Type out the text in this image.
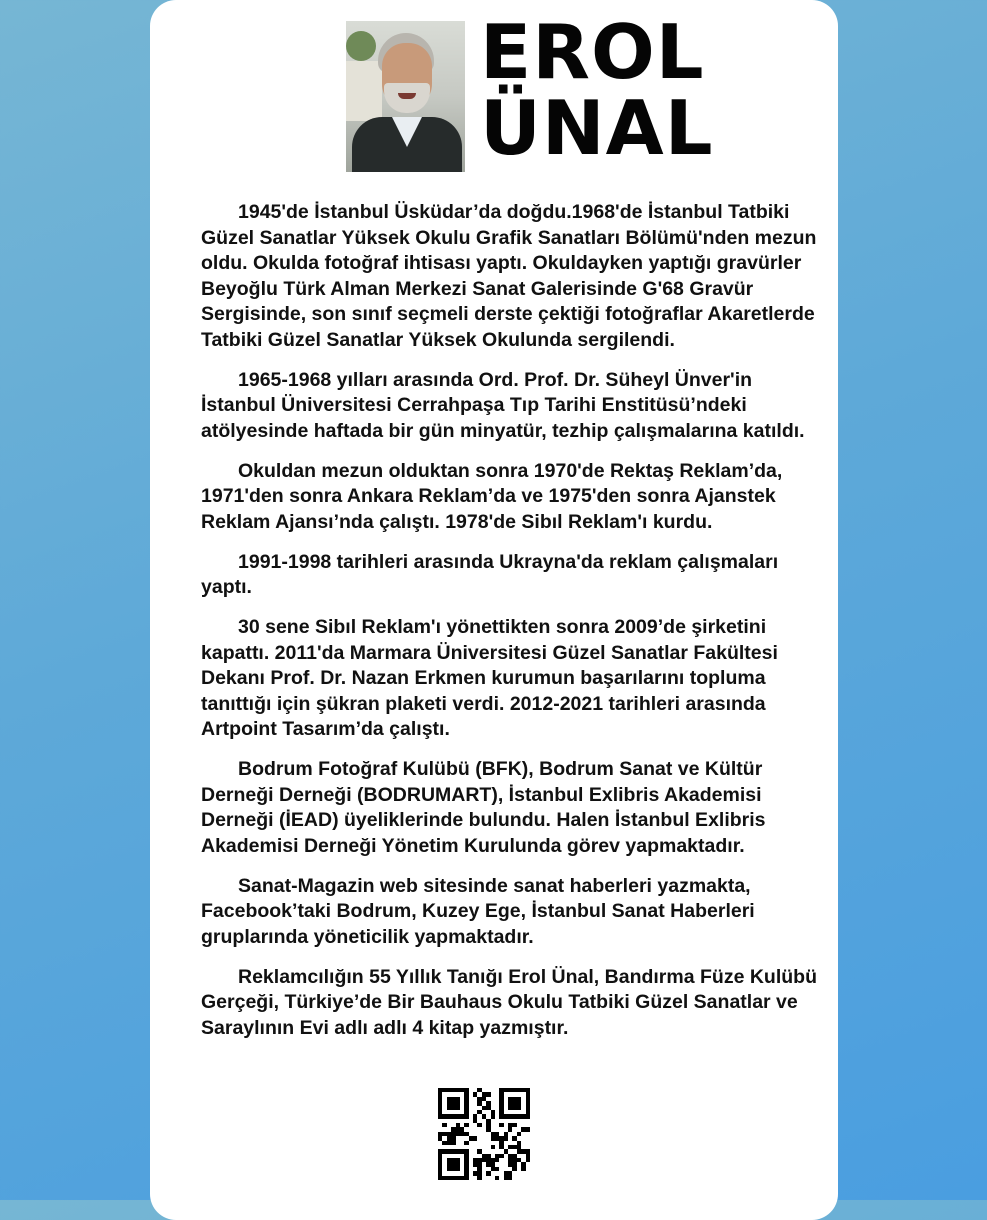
EROL
ÜNAL

1945'de İstanbul Üsküdar’da doğdu.1968'de İstanbul Tatbiki Güzel Sanatlar Yüksek Okulu Grafik Sanatları Bölümü'nden mezun oldu. Okulda fotoğraf ihtisası yaptı. Okuldayken yaptığı gravürler Beyoğlu Türk Alman Merkezi Sanat Galerisinde G'68 Gravür Sergisinde, son sınıf seçmeli derste çektiği fotoğraflar Akaretlerde Tatbiki Güzel Sanatlar Yüksek Okulunda sergilendi.

1965-1968 yılları arasında Ord. Prof. Dr. Süheyl Ünver'in İstanbul Üniversitesi Cerrahpaşa Tıp Tarihi Enstitüsü’ndeki atölyesinde haftada bir gün minyatür, tezhip çalışmalarına katıldı.

Okuldan mezun olduktan sonra 1970'de Rektaş Reklam’da, 1971'den sonra Ankara Reklam’da ve 1975'den sonra Ajanstek Reklam Ajansı’nda çalıştı. 1978'de Sibıl Reklam'ı kurdu.

1991-1998 tarihleri arasında Ukrayna'da reklam çalışmaları yaptı.

30 sene Sibıl Reklam'ı yönettikten sonra 2009’de şirketini kapattı. 2011'da Marmara Üniversitesi Güzel Sanatlar Fakültesi Dekanı Prof. Dr. Nazan Erkmen kurumun başarılarını topluma tanıttığı için şükran plaketi verdi. 2012-2021 tarihleri arasında Artpoint Tasarım’da çalıştı.

Bodrum Fotoğraf Kulübü (BFK), Bodrum Sanat ve Kültür Derneği Derneği (BODRUMART), İstanbul Exlibris Akademisi Derneği (İEAD) üyeliklerinde bulundu. Halen İstanbul Exlibris Akademisi Derneği Yönetim Kurulunda görev yapmaktadır.

Sanat-Magazin web sitesinde sanat haberleri yazmakta, Facebook’taki Bodrum, Kuzey Ege, İstanbul Sanat Haberleri gruplarında yöneticilik yapmaktadır.

Reklamcılığın 55 Yıllık Tanığı Erol Ünal, Bandırma Füze Kulübü Gerçeği, Türkiye’de Bir Bauhaus Okulu Tatbiki Güzel Sanatlar ve Saraylının Evi adlı adlı 4 kitap yazmıştır.
